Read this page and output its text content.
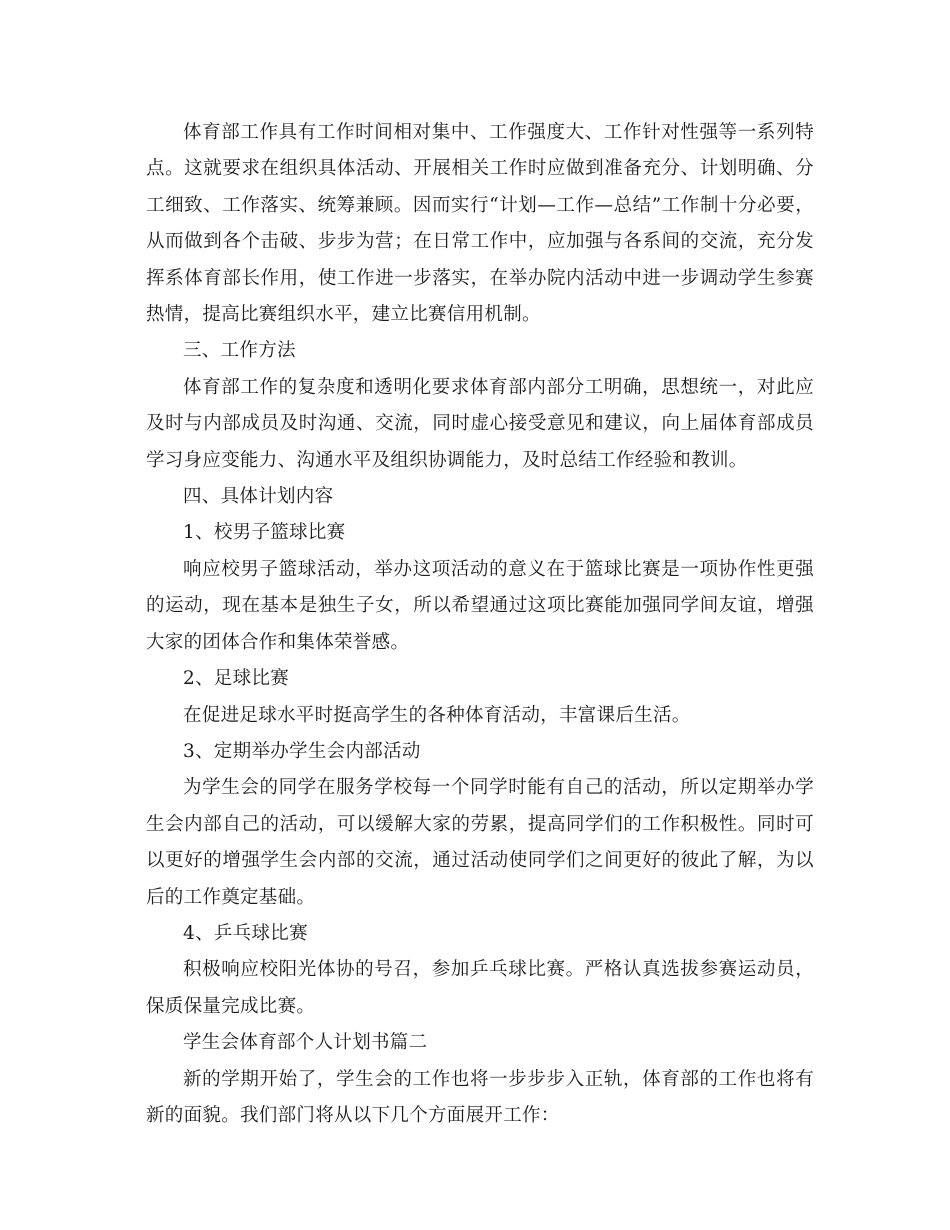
体育部工作具有工作时间相对集中、工作强度大、工作针对性强等一系列特点。这就要求在组织具体活动、开展相关工作时应做到准备充分、计划明确、分工细致、工作落实、统筹兼顾。因而实行“计划—工作—总结”工作制十分必要，从而做到各个击破、步步为营；在日常工作中，应加强与各系间的交流，充分发挥系体育部长作用，使工作进一步落实，在举办院内活动中进一步调动学生参赛热情，提高比赛组织水平，建立比赛信用机制。

三、工作方法

体育部工作的复杂度和透明化要求体育部内部分工明确，思想统一，对此应及时与内部成员及时沟通、交流，同时虚心接受意见和建议，向上届体育部成员学习身应变能力、沟通水平及组织协调能力，及时总结工作经验和教训。

四、具体计划内容

1、校男子篮球比赛

响应校男子篮球活动，举办这项活动的意义在于篮球比赛是一项协作性更强的运动，现在基本是独生子女，所以希望通过这项比赛能加强同学间友谊，增强大家的团体合作和集体荣誉感。

2、足球比赛

在促进足球水平时挺高学生的各种体育活动，丰富课后生活。

3、定期举办学生会内部活动

为学生会的同学在服务学校每一个同学时能有自己的活动，所以定期举办学生会内部自己的活动，可以缓解大家的劳累，提高同学们的工作积极性。同时可以更好的增强学生会内部的交流，通过活动使同学们之间更好的彼此了解，为以后的工作奠定基础。

4、乒乓球比赛

积极响应校阳光体协的号召，参加乒乓球比赛。严格认真选拔参赛运动员，保质保量完成比赛。

学生会体育部个人计划书篇二

新的学期开始了，学生会的工作也将一步步步入正轨，体育部的工作也将有新的面貌。我们部门将从以下几个方面展开工作：
